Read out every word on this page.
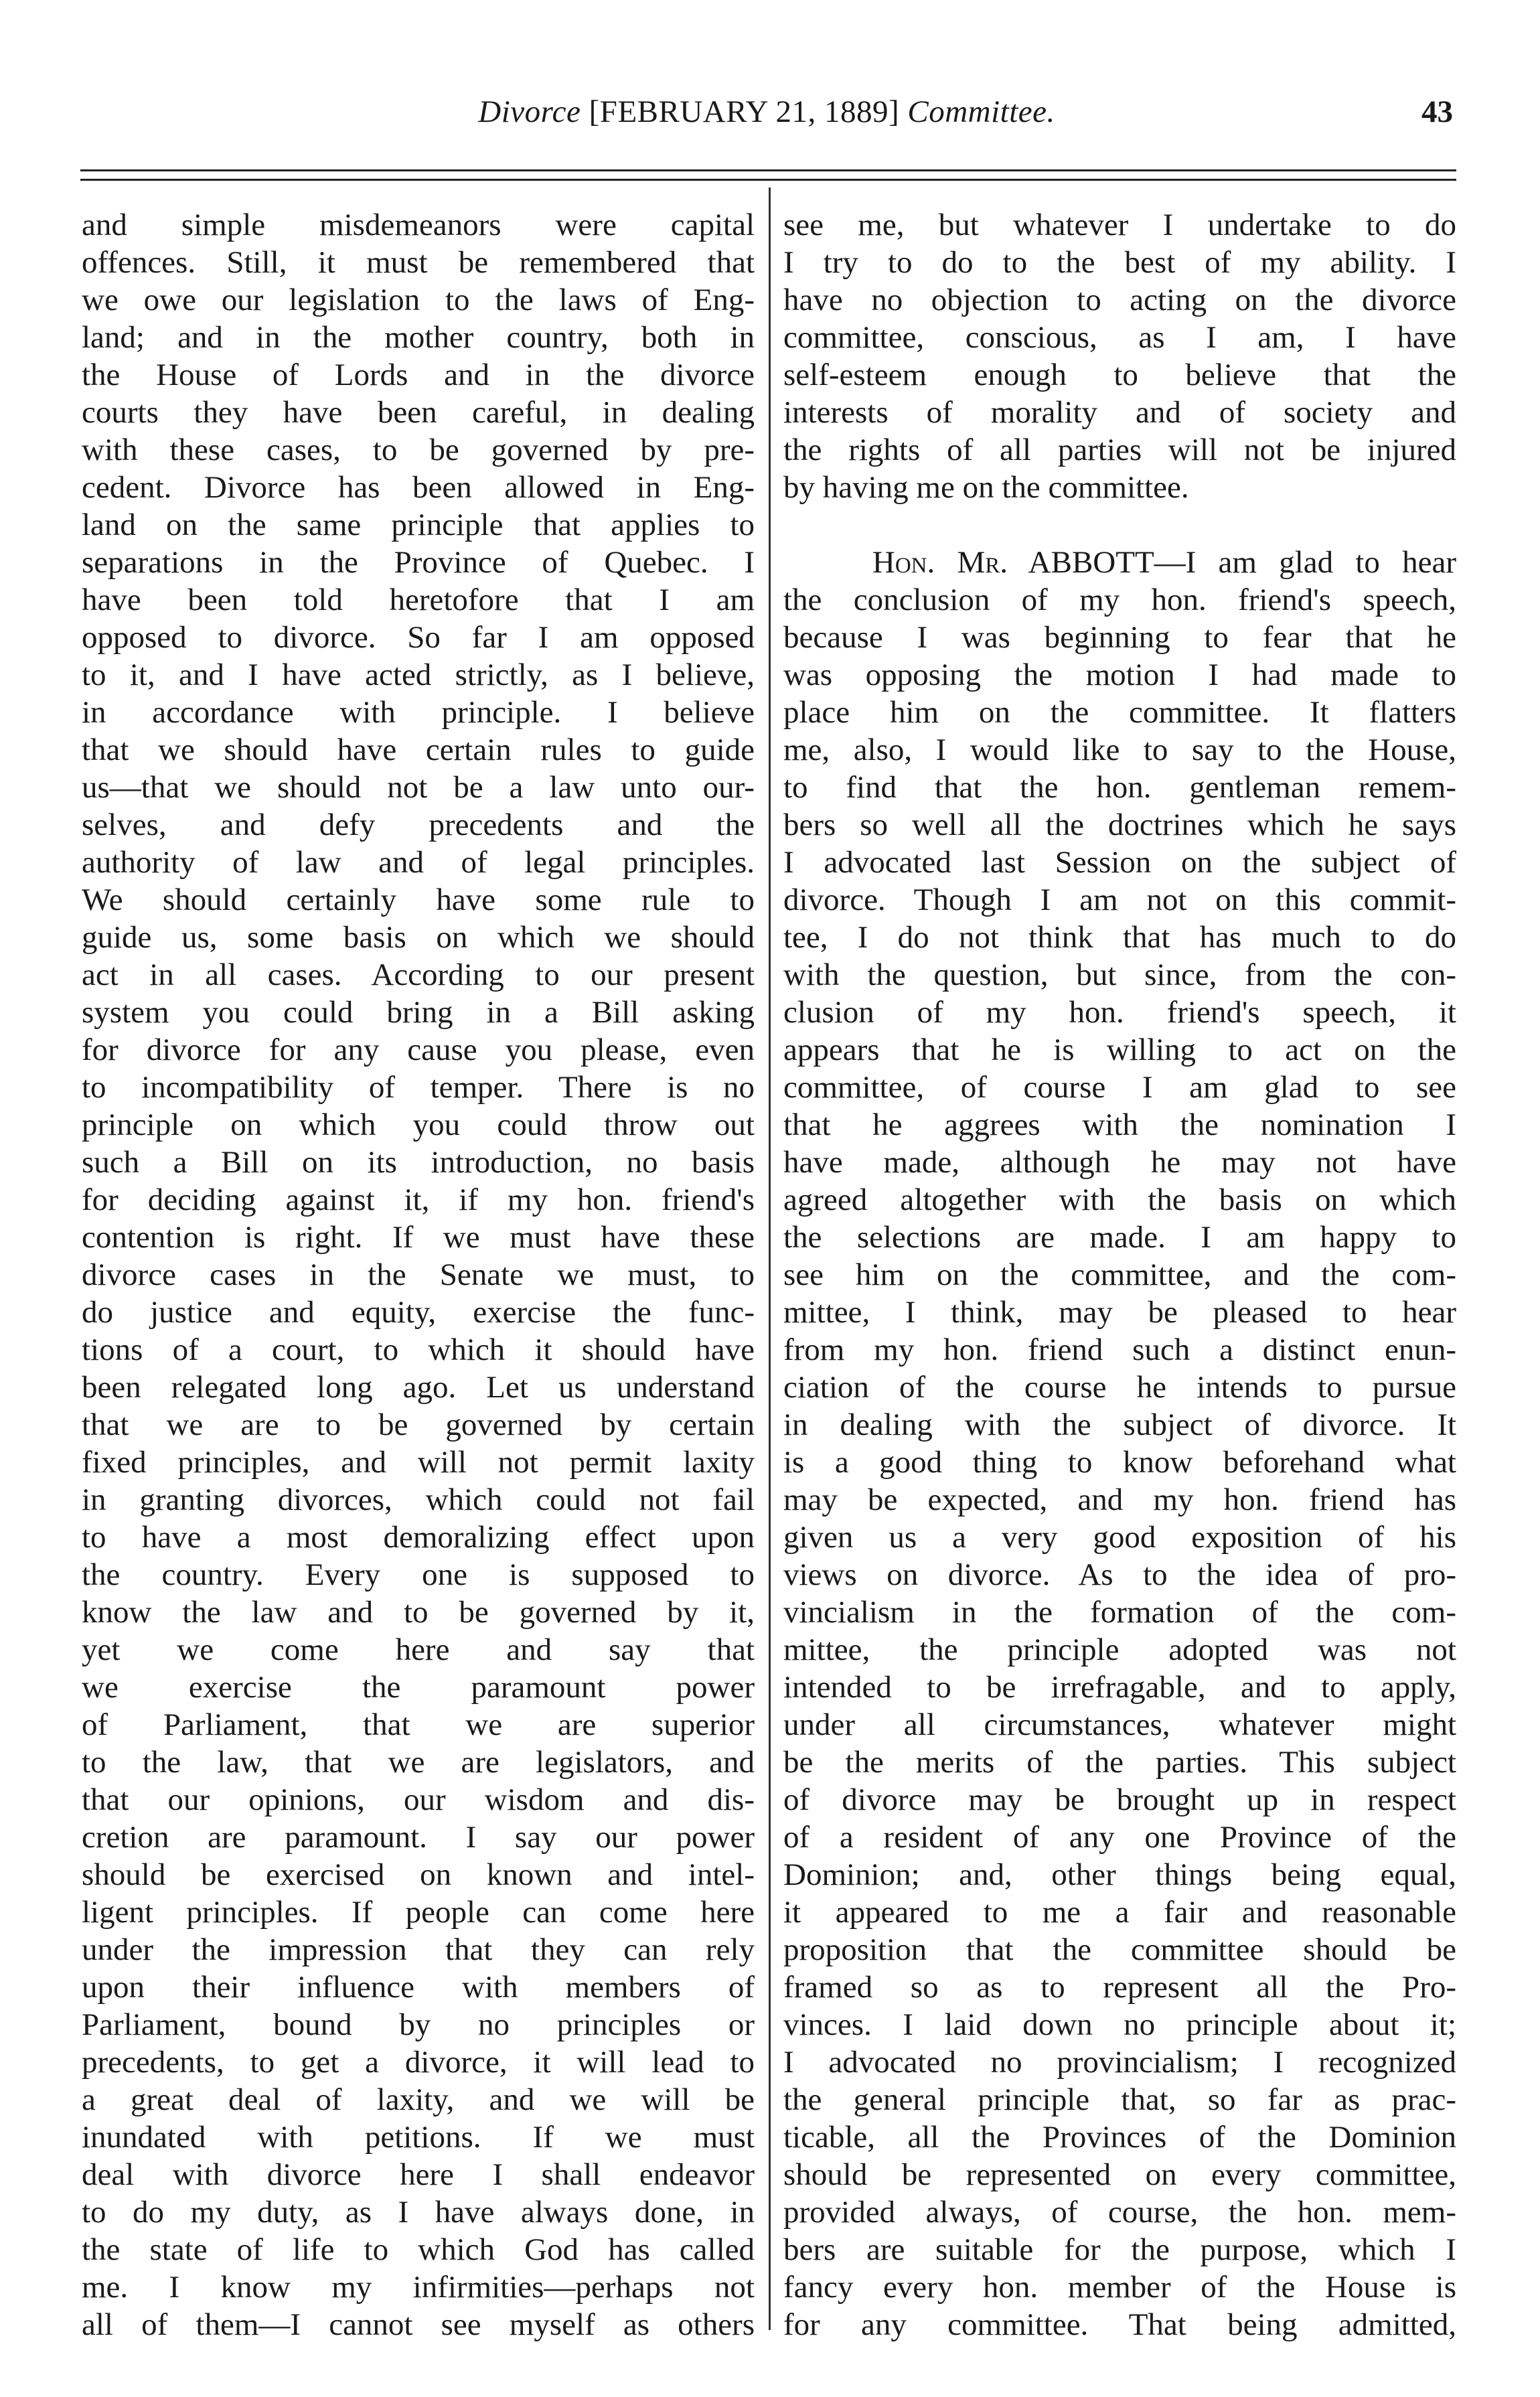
Divorce [FEBRUARY 21, 1889] Committee.	43
and simple misdemeanors were capital
offences. Still, it must be remembered that
we owe our legislation to the laws of Eng-
land; and in the mother country, both in
the House of Lords and in the divorce
courts they have been careful, in dealing
with these cases, to be governed by pre-
cedent. Divorce has been allowed in Eng-
land on the same principle that applies to
separations in the Province of Quebec. I
have been told heretofore that I am
opposed to divorce. So far I am opposed
to it, and I have acted strictly, as I believe,
in accordance with principle. I believe
that we should have certain rules to guide
us—that we should not be a law unto our-
selves, and defy precedents and the
authority of law and of legal principles.
We should certainly have some rule to
guide us, some basis on which we should
act in all cases. According to our present
system you could bring in a Bill asking
for divorce for any cause you please, even
to incompatibility of temper. There is no
principle on which you could throw out
such a Bill on its introduction, no basis
for deciding against it, if my hon. friend's
contention is right. If we must have these
divorce cases in the Senate we must, to
do justice and equity, exercise the func-
tions of a court, to which it should have
been relegated long ago. Let us understand
that we are to be governed by certain
fixed principles, and will not permit laxity
in granting divorces, which could not fail
to have a most demoralizing effect upon
the country. Every one is supposed to
know the law and to be governed by it,
yet we come here and say that
we exercise the paramount power
of Parliament, that we are superior
to the law, that we are legislators, and
that our opinions, our wisdom and dis-
cretion are paramount. I say our power
should be exercised on known and intel-
ligent principles. If people can come here
under the impression that they can rely
upon their influence with members of
Parliament, bound by no principles or
precedents, to get a divorce, it will lead to
a great deal of laxity, and we will be
inundated with petitions. If we must
deal with divorce here I shall endeavor
to do my duty, as I have always done, in
the state of life to which God has called
me. I know my infirmities—perhaps not
all of them—I cannot see myself as others
see me, but whatever I undertake to do
I try to do to the best of my ability. I
have no objection to acting on the divorce
committee, conscious, as I am, I have
self-esteem enough to believe that the
interests of morality and of society and
the rights of all parties will not be injured
by having me on the committee.
Hon. Mr. ABBOTT—I am glad to hear
the conclusion of my hon. friend's speech,
because I was beginning to fear that he
was opposing the motion I had made to
place him on the committee. It flatters
me, also, I would like to say to the House,
to find that the hon. gentleman remem-
bers so well all the doctrines which he says
I advocated last Session on the subject of
divorce. Though I am not on this commit-
tee, I do not think that has much to do
with the question, but since, from the con-
clusion of my hon. friend's speech, it
appears that he is willing to act on the
committee, of course I am glad to see
that he aggrees with the nomination I
have made, although he may not have
agreed altogether with the basis on which
the selections are made. I am happy to
see him on the committee, and the com-
mittee, I think, may be pleased to hear
from my hon. friend such a distinct enun-
ciation of the course he intends to pursue
in dealing with the subject of divorce. It
is a good thing to know beforehand what
may be expected, and my hon. friend has
given us a very good exposition of his
views on divorce. As to the idea of pro-
vincialism in the formation of the com-
mittee, the principle adopted was not
intended to be irrefragable, and to apply,
under all circumstances, whatever might
be the merits of the parties. This subject
of divorce may be brought up in respect
of a resident of any one Province of the
Dominion; and, other things being equal,
it appeared to me a fair and reasonable
proposition that the committee should be
framed so as to represent all the Pro-
vinces. I laid down no principle about it;
I advocated no provincialism; I recognized
the general principle that, so far as prac-
ticable, all the Provinces of the Dominion
should be represented on every committee,
provided always, of course, the hon. mem-
bers are suitable for the purpose, which I
fancy every hon. member of the House is
for any committee. That being admitted,
